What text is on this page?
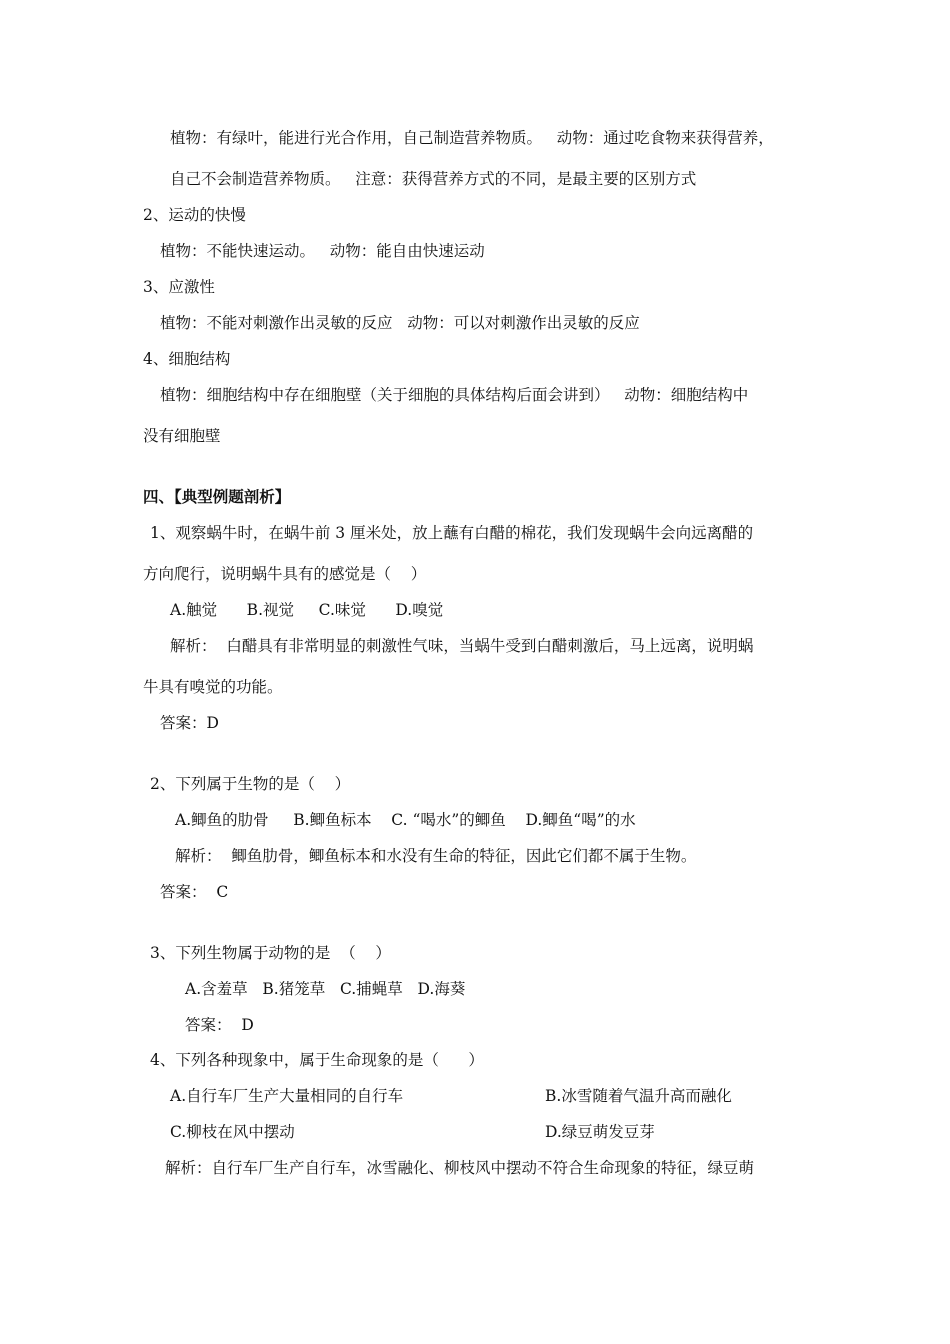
植物：有绿叶，能进行光合作用，自己制造营养物质。   动物：通过吃食物来获得营养，
自己不会制造营养物质。   注意：获得营养方式的不同，是最主要的区别方式
2、运动的快慢
植物：不能快速运动。   动物：能自由快速运动
3、应激性
植物：不能对刺激作出灵敏的反应   动物：可以对刺激作出灵敏的反应
4、细胞结构
植物：细胞结构中存在细胞壁（关于细胞的具体结构后面会讲到）   动物：细胞结构中
没有细胞壁
四、【典型例题剖析】
1、观察蜗牛时，在蜗牛前 3 厘米处，放上蘸有白醋的棉花，我们发现蜗牛会向远离醋的
方向爬行，说明蜗牛具有的感觉是（    ）
A.触觉      B.视觉     C.味觉      D.嗅觉
解析：  白醋具有非常明显的刺激性气味，当蜗牛受到白醋刺激后，马上远离，说明蜗
牛具有嗅觉的功能。
答案：D
2、下列属于生物的是（    ）
A.鲫鱼的肋骨     B.鲫鱼标本    C. “喝水”的鲫鱼    D.鲫鱼“喝”的水
解析：  鲫鱼肋骨，鲫鱼标本和水没有生命的特征，因此它们都不属于生物。
答案：  C
3、下列生物属于动物的是  （    ）
A.含羞草   B.猪笼草   C.捕蝇草   D.海葵
答案：  D
4、下列各种现象中，属于生命现象的是（      ）
A.自行车厂生产大量相同的自行车	B.冰雪随着气温升高而融化
C.柳枝在风中摆动	D.绿豆萌发豆芽
解析：自行车厂生产自行车，冰雪融化、柳枝风中摆动不符合生命现象的特征，绿豆萌
